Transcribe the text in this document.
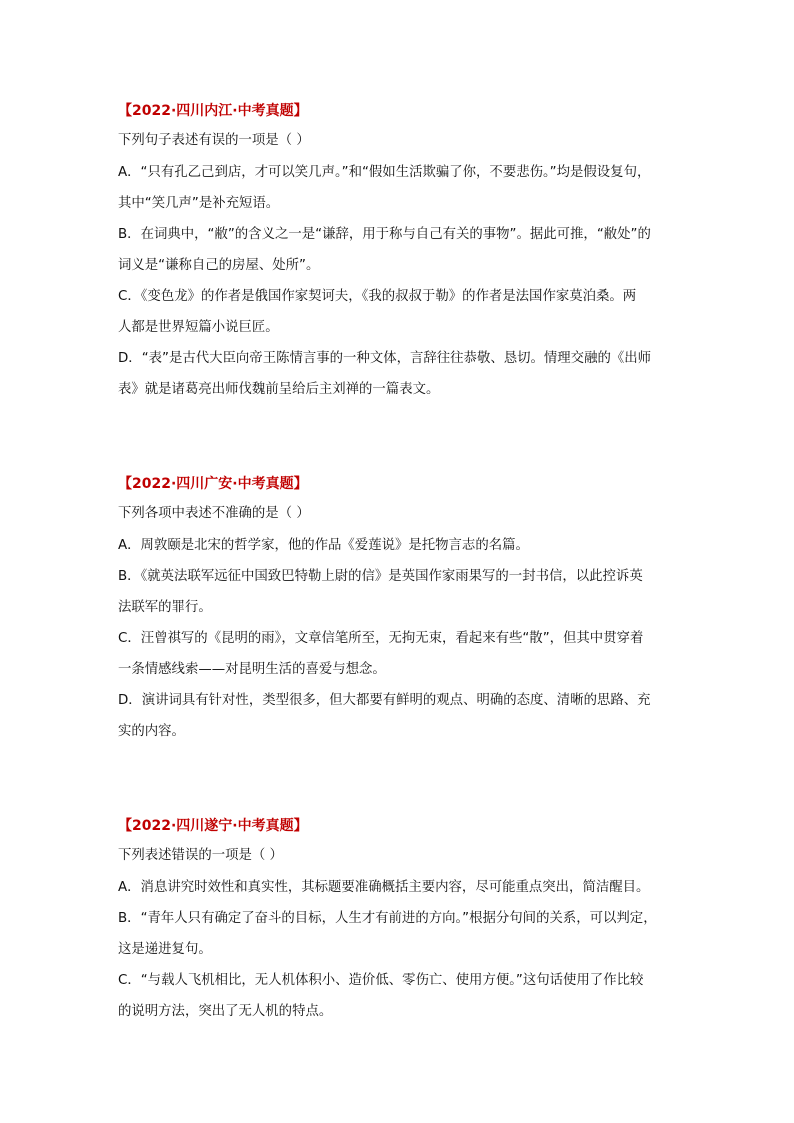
【2022·四川内江·中考真题】

下列句子表述有误的一项是（ ）

A．“只有孔乙己到店，才可以笑几声。”和“假如生活欺骗了你，不要悲伤。”均是假设复句，
其中“笑几声”是补充短语。

B．在词典中，“敝”的含义之一是“谦辞，用于称与自己有关的事物”。据此可推，“敝处”的
词义是“谦称自己的房屋、处所”。

C．《变色龙》的作者是俄国作家契诃夫，《我的叔叔于勒》的作者是法国作家莫泊桑。两
人都是世界短篇小说巨匠。

D．“表”是古代大臣向帝王陈情言事的一种文体，言辞往往恭敬、恳切。情理交融的《出师
表》就是诸葛亮出师伐魏前呈给后主刘禅的一篇表文。

【2022·四川广安·中考真题】

下列各项中表述不准确的是（ ）

A．周敦颐是北宋的哲学家，他的作品《爱莲说》是托物言志的名篇。

B．《就英法联军远征中国致巴特勒上尉的信》是英国作家雨果写的一封书信，以此控诉英
法联军的罪行。

C．汪曾祺写的《昆明的雨》，文章信笔所至，无拘无束，看起来有些“散”，但其中贯穿着
一条情感线索——对昆明生活的喜爱与想念。

D．演讲词具有针对性，类型很多，但大都要有鲜明的观点、明确的态度、清晰的思路、充
实的内容。

【2022·四川遂宁·中考真题】

下列表述错误的一项是（ ）

A．消息讲究时效性和真实性，其标题要准确概括主要内容，尽可能重点突出，简洁醒目。

B．“青年人只有确定了奋斗的目标，人生才有前进的方向。”根据分句间的关系，可以判定，
这是递进复句。

C．“与载人飞机相比，无人机体积小、造价低、零伤亡、使用方便。”这句话使用了作比较
的说明方法，突出了无人机的特点。
